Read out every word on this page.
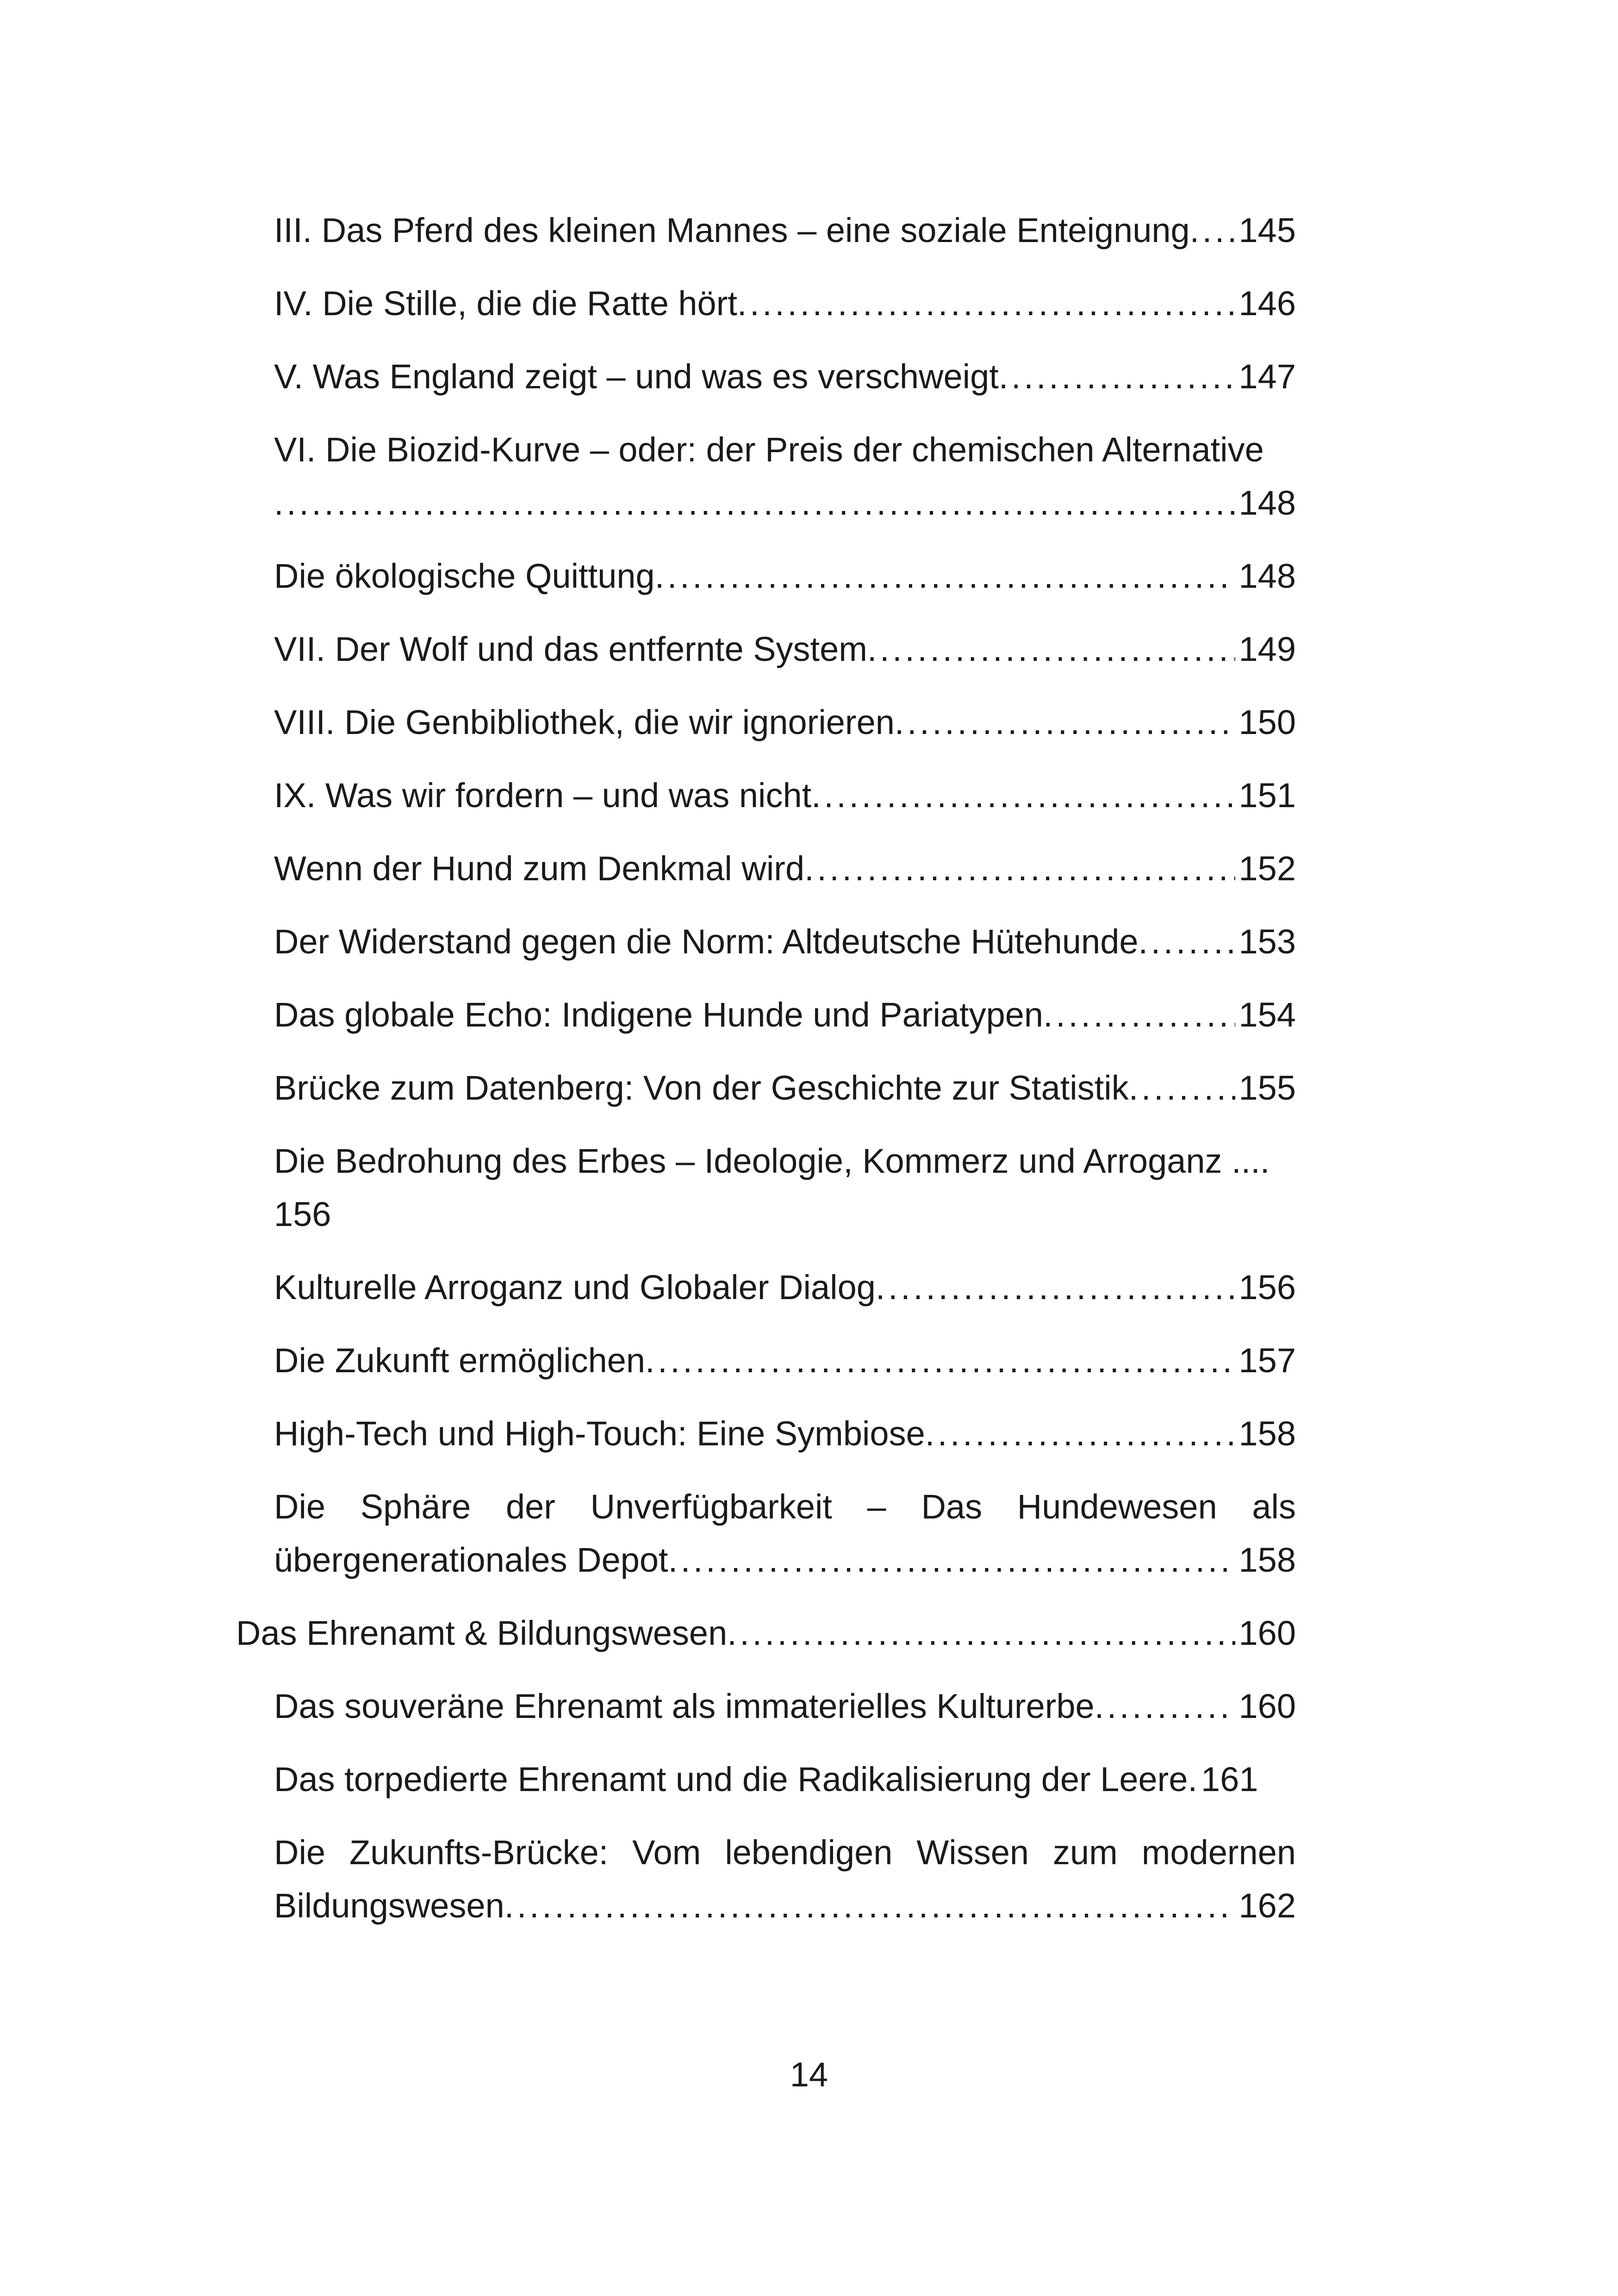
III. Das Pferd des kleinen Mannes – eine soziale Enteignung . . . 145
IV. Die Stille, die die Ratte hört . . .	146
V. Was England zeigt – und was es verschweigt . . .	147
VI. Die Biozid-Kurve – oder: der Preis der chemischen Alternative
. . .
148
Die ökologische Quittung . . .	148
VII. Der Wolf und das entfernte System . . .	149
VIII. Die Genbibliothek, die wir ignorieren . . .	150
IX. Was wir fordern – und was nicht . . .	151
Wenn der Hund zum Denkmal wird . . .	152
Der Widerstand gegen die Norm: Altdeutsche Hütehunde . . .	153
Das globale Echo: Indigene Hunde und Pariatypen . . .	154
Brücke zum Datenberg: Von der Geschichte zur Statistik . . .	155
Die Bedrohung des Erbes – Ideologie, Kommerz und Arroganz ....
156
Kulturelle Arroganz und Globaler Dialog . . .	156
Die Zukunft ermöglichen . . .	157
High-Tech und High-Touch: Eine Symbiose . . .	158
Die Sphäre der Unverfügbarkeit – Das Hundewesen als
übergenerationales Depot . . .	158
Das Ehrenamt & Bildungswesen . . .	160
Das souveräne Ehrenamt als immaterielles Kulturerbe . . .	160
Das torpedierte Ehrenamt und die Radikalisierung der Leere. 161
Die Zukunfts-Brücke: Vom lebendigen Wissen zum modernen
Bildungswesen . . .	162
14
